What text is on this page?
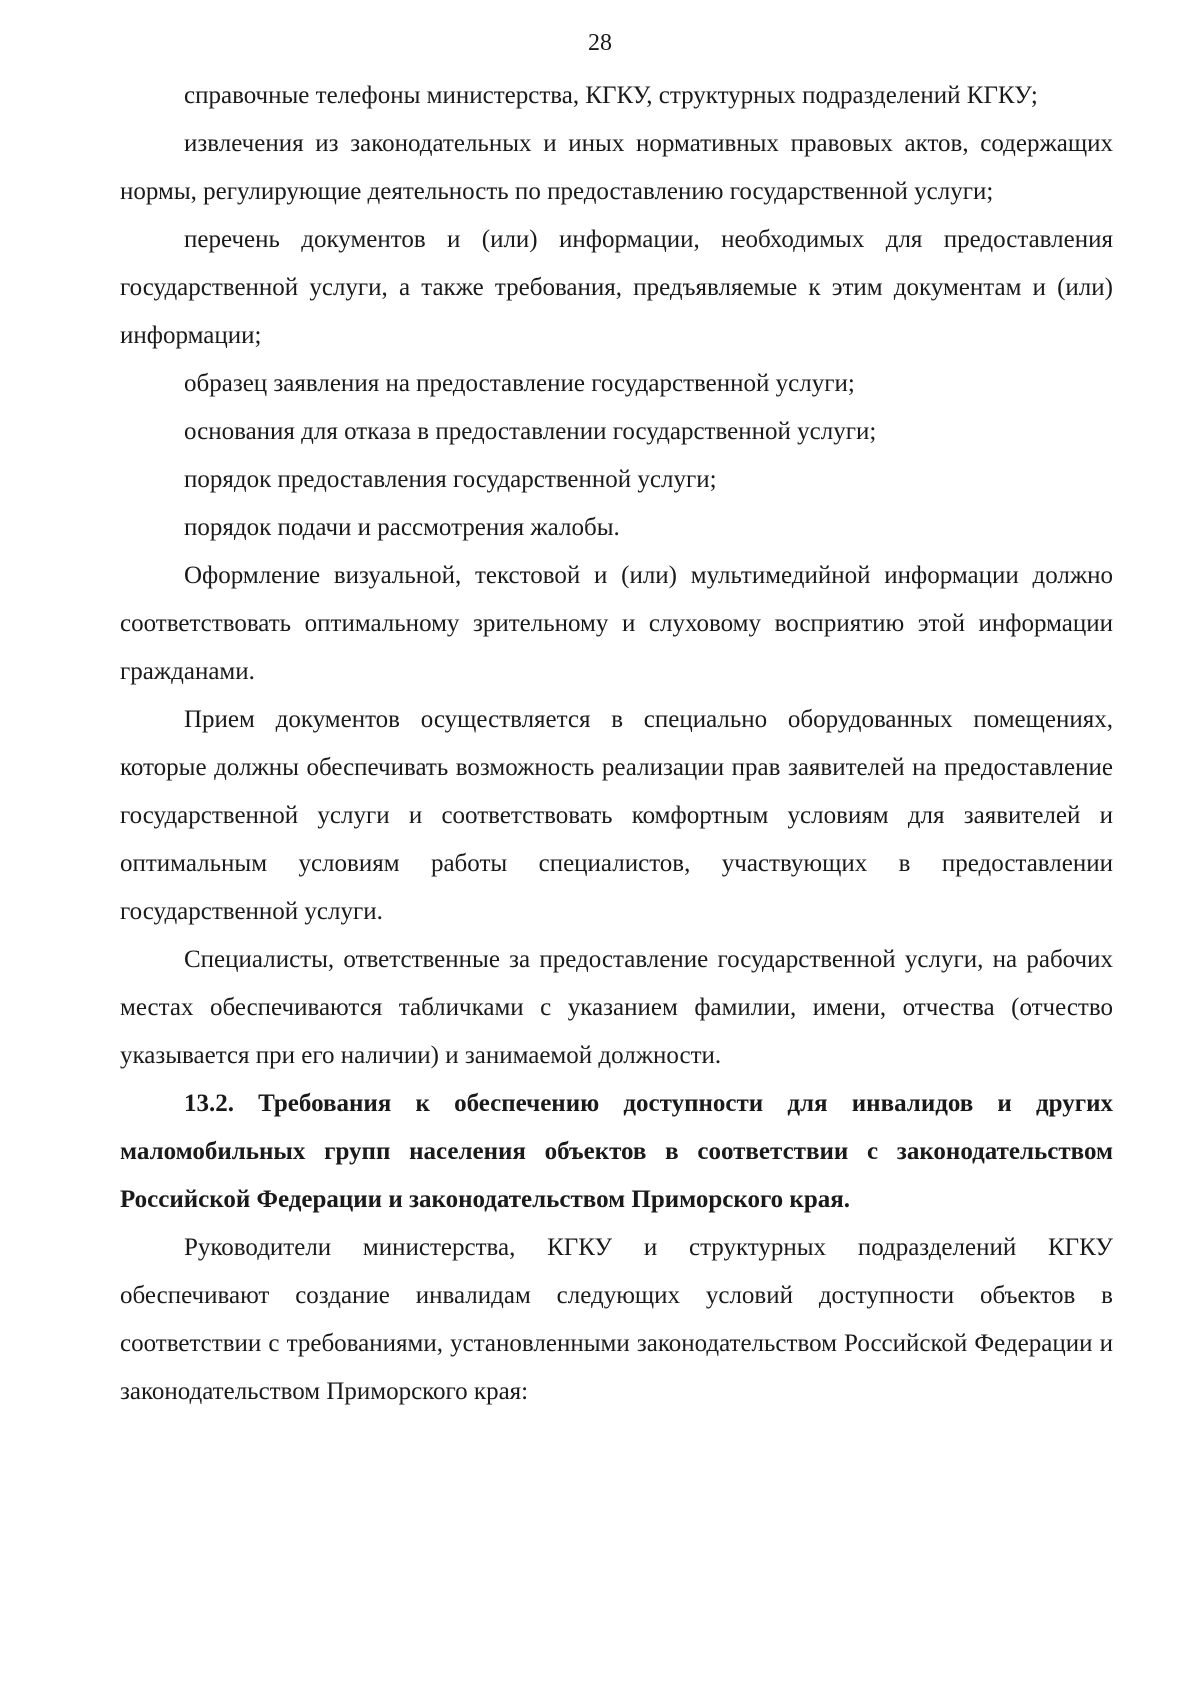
28

справочные телефоны министерства, КГКУ, структурных подразделений КГКУ;

извлечения из законодательных и иных нормативных правовых актов, содержащих нормы, регулирующие деятельность по предоставлению государственной услуги;

перечень документов и (или) информации, необходимых для предоставления государственной услуги, а также требования, предъявляемые к этим документам и (или) информации;

образец заявления на предоставление государственной услуги;

основания для отказа в предоставлении государственной услуги;

порядок предоставления государственной услуги;

порядок подачи и рассмотрения жалобы.

Оформление визуальной, текстовой и (или) мультимедийной информации должно соответствовать оптимальному зрительному и слуховому восприятию этой информации гражданами.

Прием документов осуществляется в специально оборудованных помещениях, которые должны обеспечивать возможность реализации прав заявителей на предоставление государственной услуги и соответствовать комфортным условиям для заявителей и оптимальным условиям работы специалистов, участвующих в предоставлении государственной услуги.

Специалисты, ответственные за предоставление государственной услуги, на рабочих местах обеспечиваются табличками с указанием фамилии, имени, отчества (отчество указывается при его наличии) и занимаемой должности.

13.2. Требования к обеспечению доступности для инвалидов и других маломобильных групп населения объектов в соответствии с законодательством Российской Федерации и законодательством Приморского края.

Руководители министерства, КГКУ и структурных подразделений КГКУ обеспечивают создание инвалидам следующих условий доступности объектов в соответствии с требованиями, установленными законодательством Российской Федерации и законодательством Приморского края:
